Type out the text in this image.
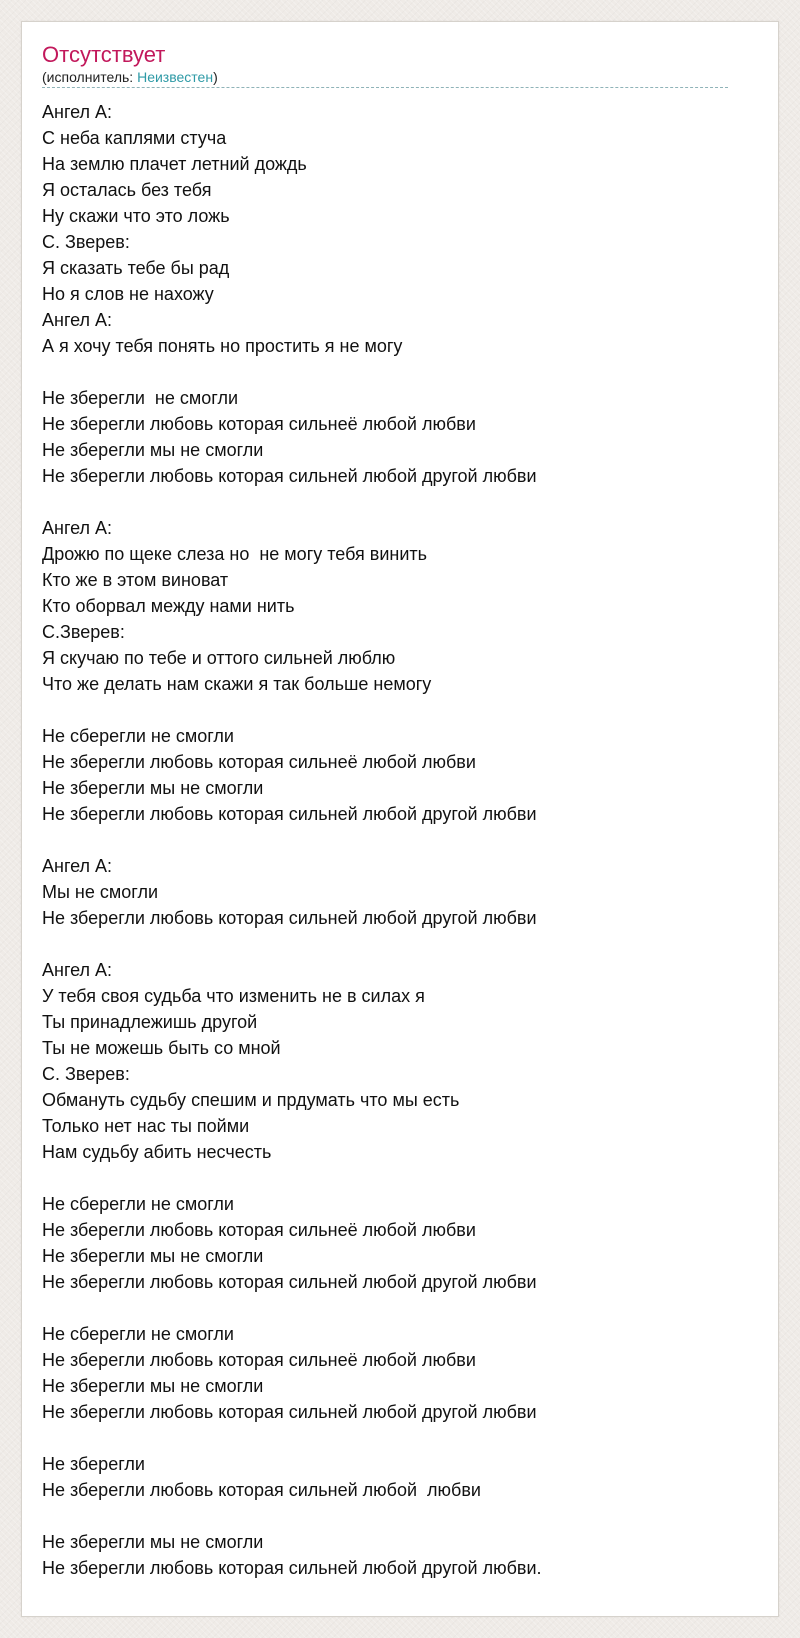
Отсутствует
(исполнитель: Неизвестен)
Ангел А:
С неба каплями стуча
На землю плачет летний дождь
Я осталась без тебя
Ну скажи что это ложь
С. Зверев:
Я сказать тебе бы рад
Но я слов не нахожу
Ангел А:
А я хочу тебя понять но простить я не могу
Не зберегли  не смогли
Не зберегли любовь которая сильнеё любой любви
Не зберегли мы не смогли
Не зберегли любовь которая сильней любой другой любви
Ангел А:
Дрожю по щеке слеза но  не могу тебя винить
Кто же в этом виноват
Кто оборвал между нами нить
С.Зверев:
Я скучаю по тебе и оттого сильней люблю
Что же делать нам скажи я так больше немогу
Не сберегли не смогли
Не зберегли любовь которая сильнеё любой любви
Не зберегли мы не смогли
Не зберегли любовь которая сильней любой другой любви
Ангел А:
Мы не смогли
Не зберегли любовь которая сильней любой другой любви
Ангел А:
У тебя своя судьба что изменить не в силах я
Ты принадлежишь другой
Ты не можешь быть со мной
С. Зверев:
Обмануть судьбу спешим и прдумать что мы есть
Только нет нас ты пойми
Нам судьбу абить несчесть
Не сберегли не смогли
Не зберегли любовь которая сильнеё любой любви
Не зберегли мы не смогли
Не зберегли любовь которая сильней любой другой любви
Не сберегли не смогли
Не зберегли любовь которая сильнеё любой любви
Не зберегли мы не смогли
Не зберегли любовь которая сильней любой другой любви
Не зберегли
Не зберегли любовь которая сильней любой  любви
Не зберегли мы не смогли
Не зберегли любовь которая сильней любой другой любви.
